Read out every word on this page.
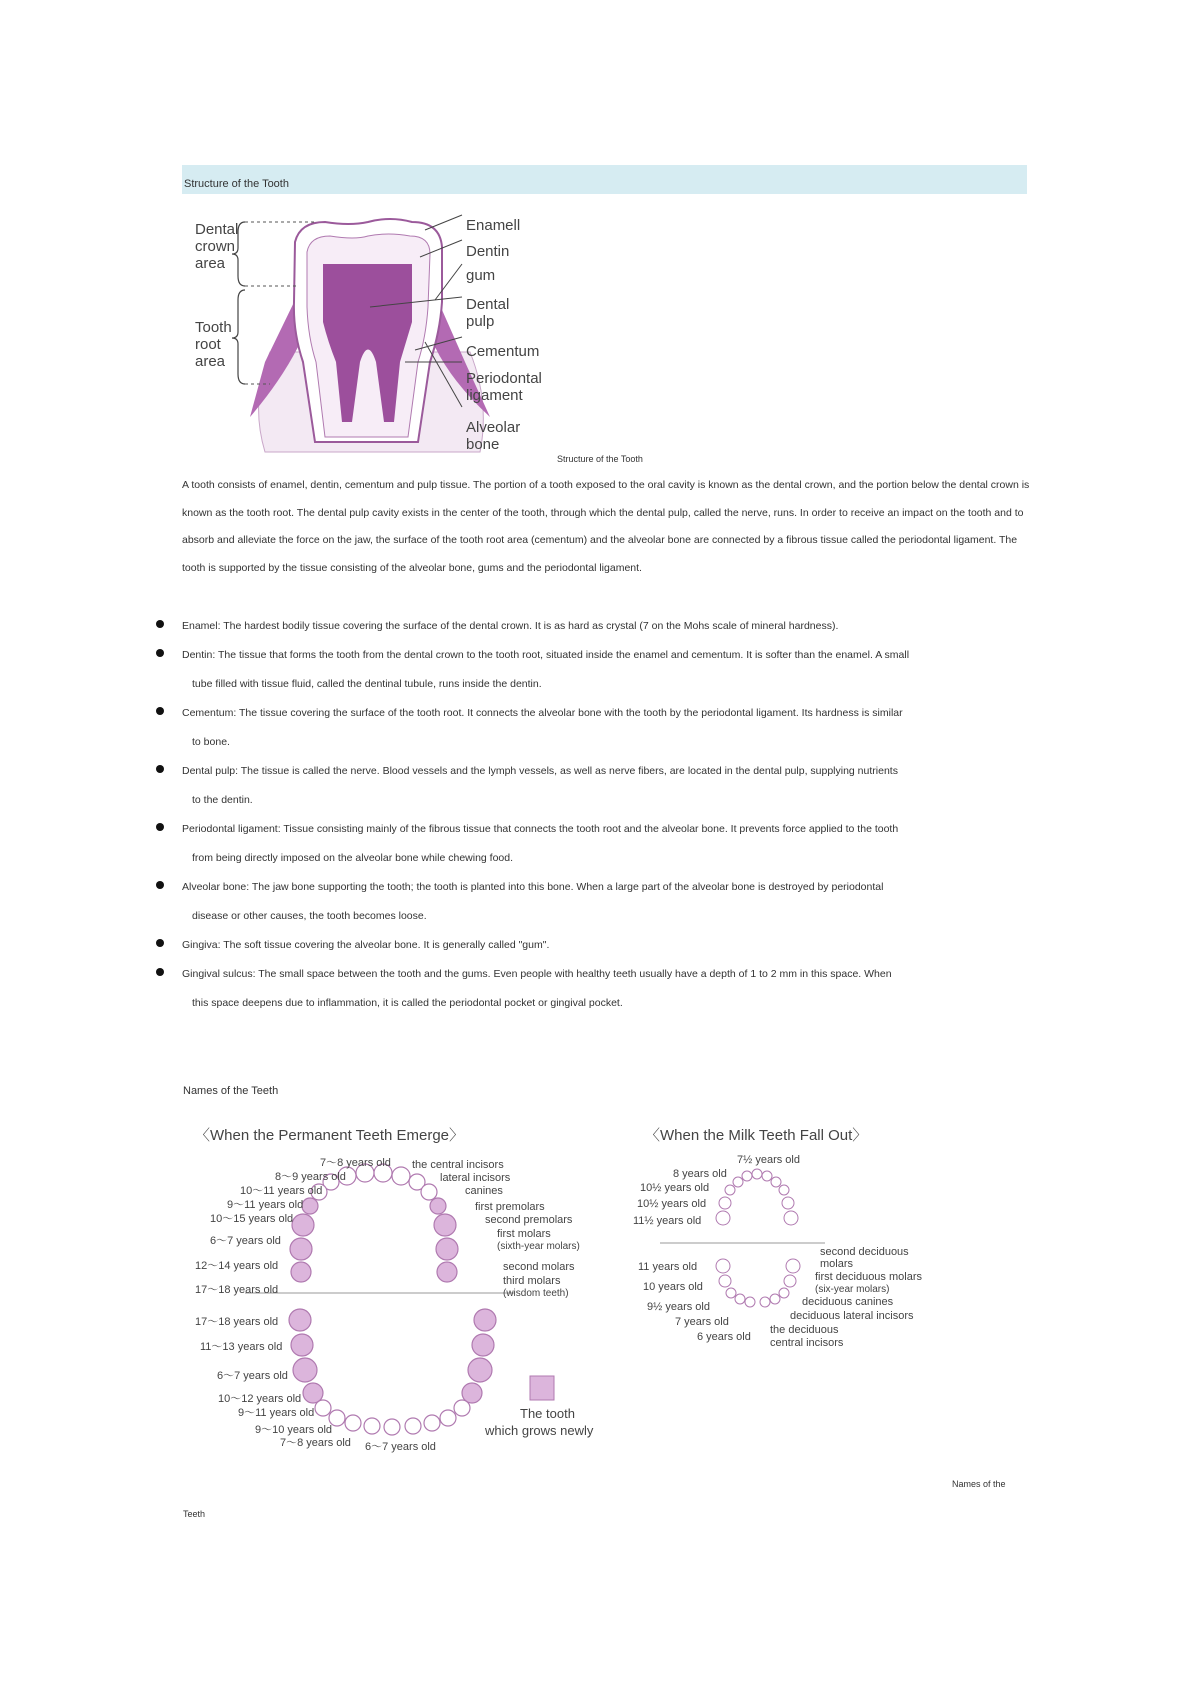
Structure of the Tooth
Dental
crown
area
Tooth
root
area
Enamell
Dentin
gum
Dental
pulp
Cementum
Periodontal
ligament
Alveolar
bone
Structure of the Tooth

A tooth consists of enamel, dentin, cementum and pulp tissue. The portion of a tooth exposed to the oral cavity is known as the dental crown, and the portion below the dental crown is known as the tooth root. The dental pulp cavity exists in the center of the tooth, through which the dental pulp, called the nerve, runs. In order to receive an impact on the tooth and to absorb and alleviate the force on the jaw, the surface of the tooth root area (cementum) and the alveolar bone are connected by a fibrous tissue called the periodontal ligament. The tooth is supported by the tissue consisting of the alveolar bone, gums and the periodontal ligament.

Enamel: The hardest bodily tissue covering the surface of the dental crown. It is as hard as crystal (7 on the Mohs scale of mineral hardness).
Dentin: The tissue that forms the tooth from the dental crown to the tooth root, situated inside the enamel and cementum. It is softer than the enamel. A small
tube filled with tissue fluid, called the dentinal tubule, runs inside the dentin.
Cementum: The tissue covering the surface of the tooth root. It connects the alveolar bone with the tooth by the periodontal ligament. Its hardness is similar
to bone.
Dental pulp: The tissue is called the nerve. Blood vessels and the lymph vessels, as well as nerve fibers, are located in the dental pulp, supplying nutrients
to the dentin.
Periodontal ligament: Tissue consisting mainly of the fibrous tissue that connects the tooth root and the alveolar bone. It prevents force applied to the tooth
from being directly imposed on the alveolar bone while chewing food.
Alveolar bone: The jaw bone supporting the tooth; the tooth is planted into this bone. When a large part of the alveolar bone is destroyed by periodontal
disease or other causes, the tooth becomes loose.
Gingiva: The soft tissue covering the alveolar bone. It is generally called "gum".
Gingival sulcus: The small space between the tooth and the gums. Even people with healthy teeth usually have a depth of 1 to 2 mm in this space. When
this space deepens due to inflammation, it is called the periodontal pocket or gingival pocket.
Names of the Teeth
〈When the Permanent Teeth Emerge〉
7〜8 years old
8〜9 years old
10〜11 years old
9〜11 years old
10〜15 years old
6〜7 years old
12〜14 years old
17〜18 years old
the central incisors
lateral incisors
canines
first premolars
second premolars
first molars
(sixth-year molars)
second molars
third molars
(wisdom teeth)
17〜18 years old
11〜13 years old
6〜7 years old
10〜12 years old
9〜11 years old
9〜10 years old
7〜8 years old 6〜7 years old
The tooth
which grows newly
〈When the Milk Teeth Fall Out〉
7½ years old
8 years old
10½ years old
10½ years old
11½ years old
11 years old
10 years old
9½ years old
7 years old
6 years old
second deciduous
molars
first deciduous molars
(six-year molars)
deciduous canines
deciduous lateral incisors
the deciduous
central incisors
Names of the
Teeth
